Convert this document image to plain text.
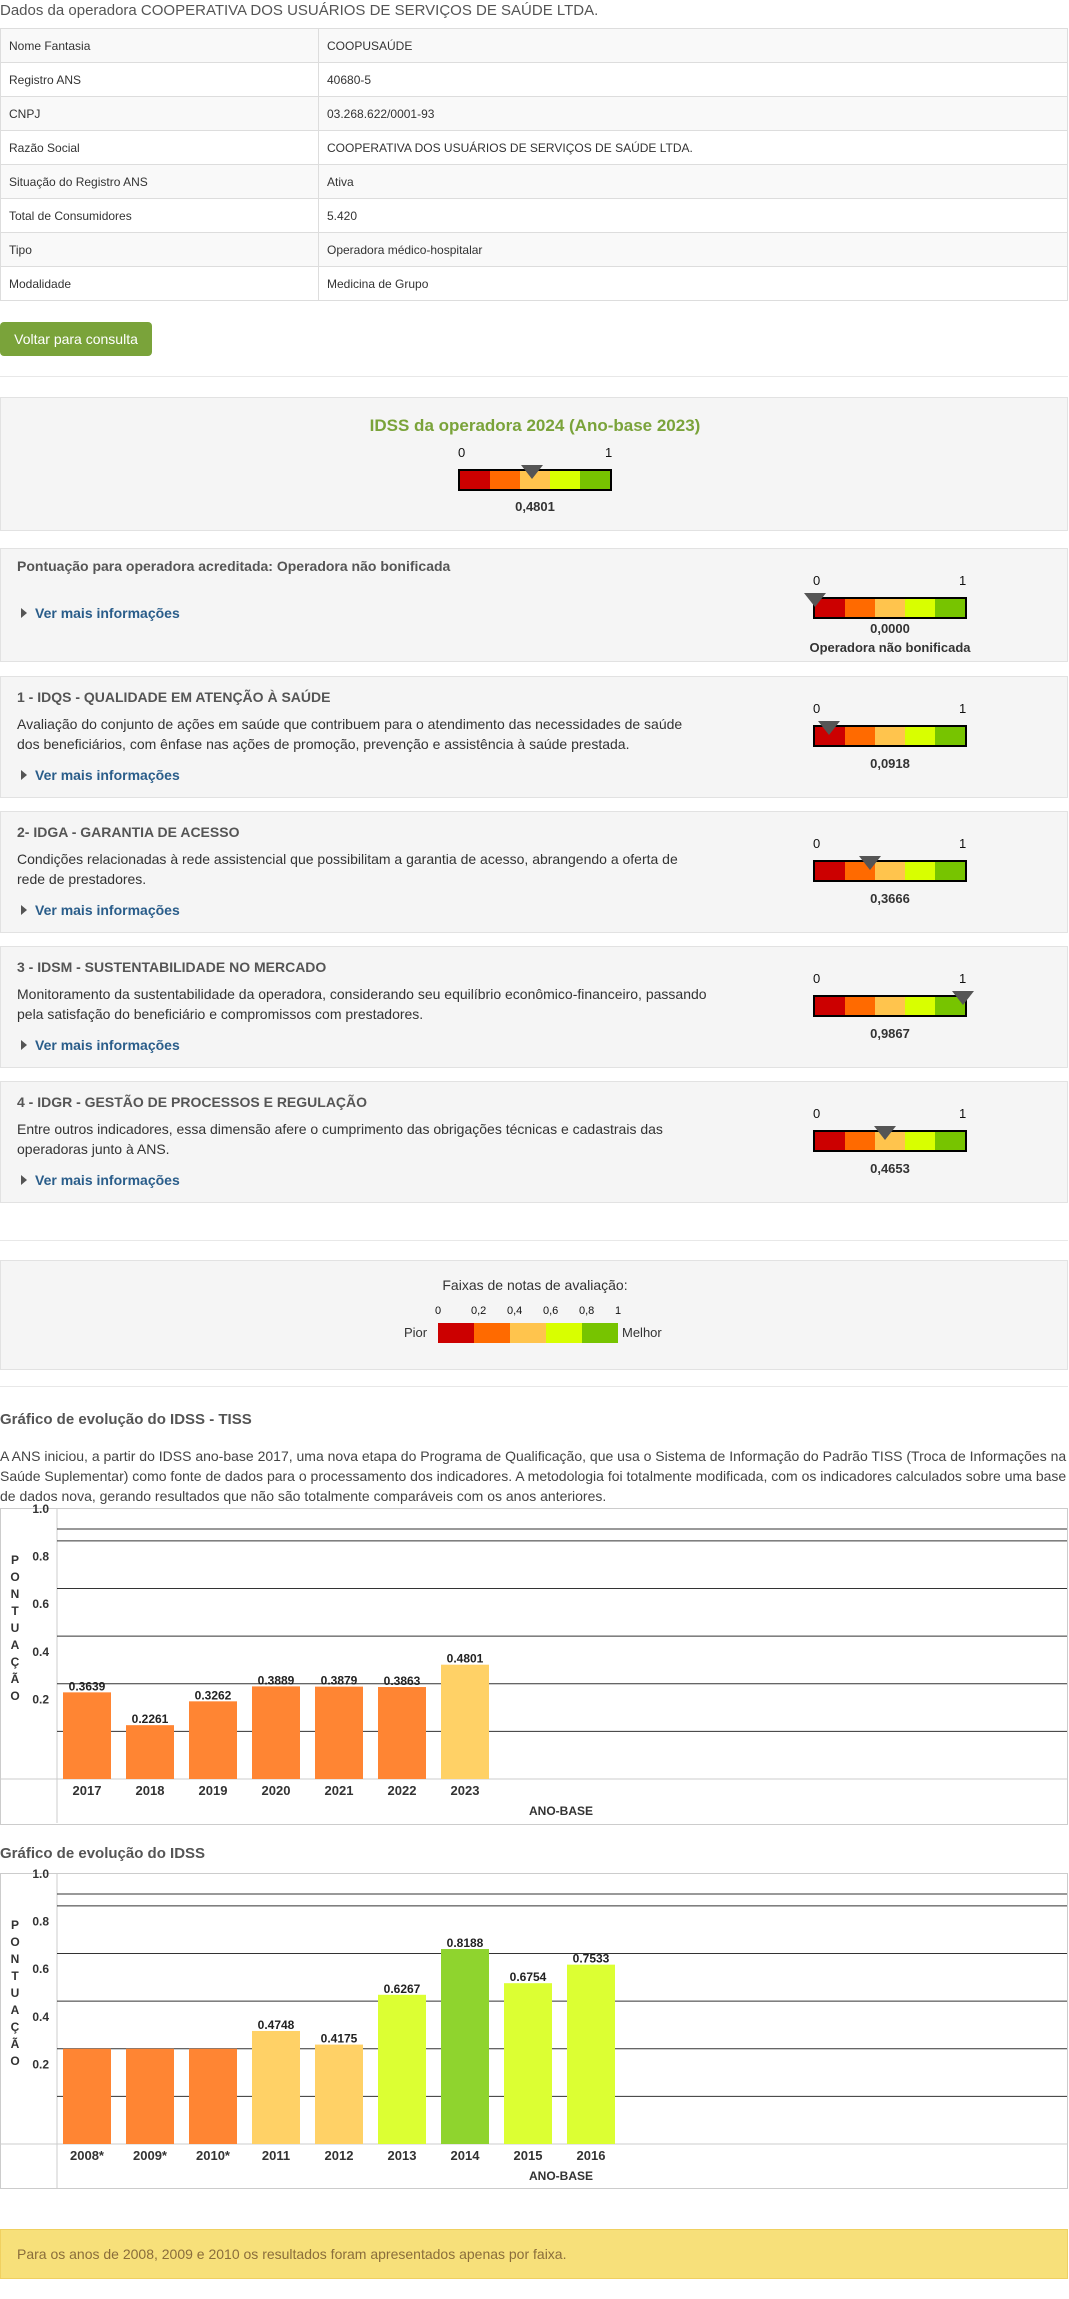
Dados da operadora COOPERATIVA DOS USUÁRIOS DE SERVIÇOS DE SAÚDE LTDA.
Nome Fantasia	COOPUSAÚDE
Registro ANS	40680-5
CNPJ	03.268.622/0001-93
Razão Social	COOPERATIVA DOS USUÁRIOS DE SERVIÇOS DE SAÚDE LTDA.
Situação do Registro ANS	Ativa
Total de Consumidores	5.420
Tipo	Operadora médico-hospitalar
Modalidade	Medicina de Grupo
Voltar para consulta
IDSS da operadora 2024 (Ano-base 2023)
0	1
0,4801
Pontuação para operadora acreditada: Operadora não bonificada
Ver mais informações
0	1
0,0000
Operadora não bonificada
1 - IDQS - QUALIDADE EM ATENÇÃO À SAÚDE
Avaliação do conjunto de ações em saúde que contribuem para o atendimento das necessidades de saúde dos beneficiários, com ênfase nas ações de promoção, prevenção e assistência à saúde prestada.
Ver mais informações
0	1
0,0918
2- IDGA - GARANTIA DE ACESSO
Condições relacionadas à rede assistencial que possibilitam a garantia de acesso, abrangendo a oferta de rede de prestadores.
Ver mais informações
0	1
0,3666
3 - IDSM - SUSTENTABILIDADE NO MERCADO
Monitoramento da sustentabilidade da operadora, considerando seu equilíbrio econômico-financeiro, passando pela satisfação do beneficiário e compromissos com prestadores.
Ver mais informações
0	1
0,9867
4 - IDGR - GESTÃO DE PROCESSOS E REGULAÇÃO
Entre outros indicadores, essa dimensão afere o cumprimento das obrigações técnicas e cadastrais das operadoras junto à ANS.
Ver mais informações
0	1
0,4653
Faixas de notas de avaliação:
0	0,2 0,4 0,6 0,8 1
Pior	Melhor
Gráfico de evolução do IDSS - TISS
A ANS iniciou, a partir do IDSS ano-base 2017, uma nova etapa do Programa de Qualificação, que usa o Sistema de Informação do Padrão TISS (Troca de Informações na Saúde Suplementar) como fonte de dados para o processamento dos indicadores. A metodologia foi totalmente modificada, com os indicadores calculados sobre uma base de dados nova, gerando resultados que não são totalmente comparáveis com os anos anteriores.
0.2
0.4
0.6
0.8
1.0
P
O
N
T
U
A
Ç
Ã
O
0.3639
2017
0.2261
2018
0.3262
2019
0.3889
2020
0.3879
2021
0.3863
2022
0.4801
2023
ANO-BASE
Gráfico de evolução do IDSS
0.2
0.4
0.6
0.8
1.0
P
O
N
T
U
A
Ç
Ã
O
2008* 2009* 2010*
0.4748
2011
0.4175
2012
0.6267
2013
0.8188
2014
0.6754
2015
0.7533
2016
ANO-BASE
Para os anos de 2008, 2009 e 2010 os resultados foram apresentados apenas por faixa.
